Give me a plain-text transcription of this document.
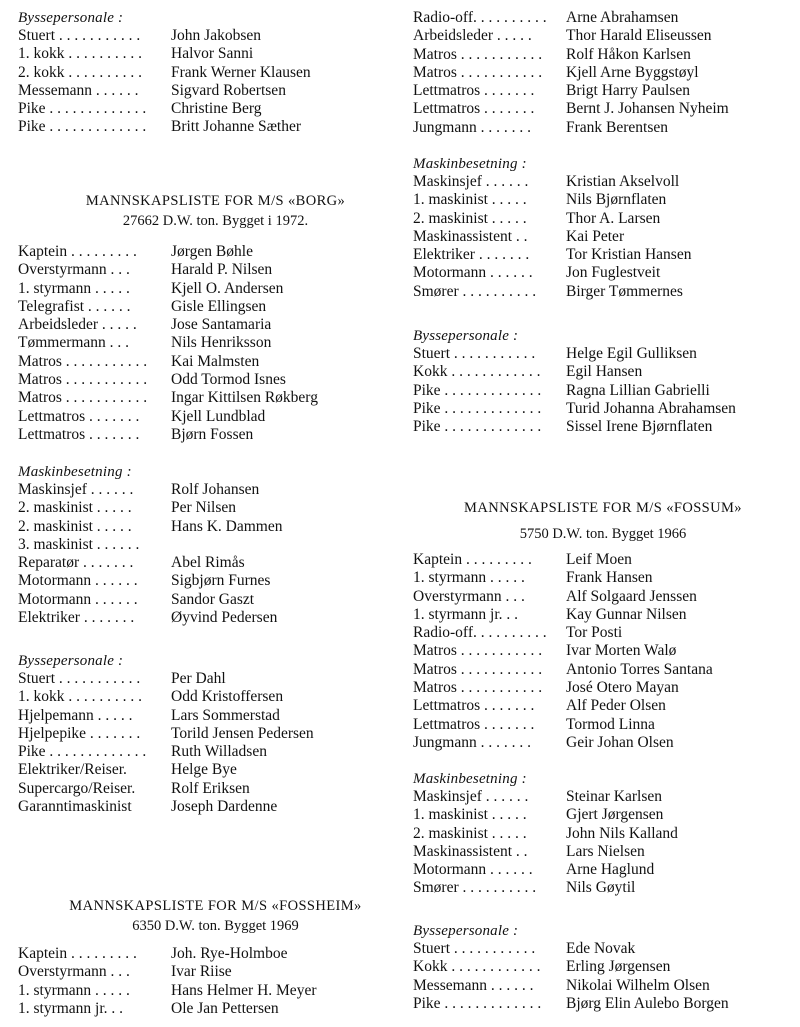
Byssepersonale :

Stuert . . . . . . . . . . .	John Jakobsen
1. kokk . . . . . . . . . .	Halvor Sanni
2. kokk . . . . . . . . . .	Frank Werner Klausen
Messemann . . . . . .	Sigvard Robertsen
Pike . . . . . . . . . . . . .	Christine Berg
Pike . . . . . . . . . . . . .	Britt Johanne Sæther

MANNSKAPSLISTE FOR M/S «BORG»

27662 D.W. ton. Bygget i 1972.

Kaptein . . . . . . . . .	Jørgen Bøhle
Overstyrmann . . .	Harald P. Nilsen
1. styrmann . . . . .	Kjell O. Andersen
Telegrafist . . . . . .	Gisle Ellingsen
Arbeidsleder . . . . .	Jose Santamaria
Tømmermann . . .	Nils Henriksson
Matros . . . . . . . . . . .	Kai Malmsten
Matros . . . . . . . . . . .	Odd Tormod Isnes
Matros . . . . . . . . . . .	Ingar Kittilsen Røkberg
Lettmatros . . . . . . .	Kjell Lundblad
Lettmatros . . . . . . .	Bjørn Fossen

Maskinbesetning :

Maskinsjef . . . . . .	Rolf Johansen
2. maskinist . . . . .	Per Nilsen
2. maskinist . . . . .	Hans K. Dammen
3. maskinist . . . . . .
Reparatør . . . . . . .	Abel Rimås
Motormann . . . . . .	Sigbjørn Furnes
Motormann . . . . . .	Sandor Gaszt
Elektriker . . . . . . .	Øyvind Pedersen

Byssepersonale :

Stuert . . . . . . . . . . .	Per Dahl
1. kokk . . . . . . . . . .	Odd Kristoffersen
Hjelpemann . . . . .	Lars Sommerstad
Hjelpepike . . . . . . .	Torild Jensen Pedersen
Pike . . . . . . . . . . . . .	Ruth Willadsen
Elektriker/Reiser.	Helge Bye
Supercargo/Reiser.	Rolf Eriksen
Garanntimaskinist	Joseph Dardenne

MANNSKAPSLISTE FOR M/S «FOSSHEIM»

6350 D.W. ton. Bygget 1969

Kaptein . . . . . . . . .	Joh. Rye-Holmboe
Overstyrmann . . .	Ivar Riise
1. styrmann . . . . .	Hans Helmer H. Meyer
1. styrmann jr. . .	Ole Jan Pettersen
Radio-off. . . . . . . . . .	Arne Abrahamsen
Arbeidsleder . . . . .	Thor Harald Eliseussen
Matros . . . . . . . . . . .	Rolf Håkon Karlsen
Matros . . . . . . . . . . .	Kjell Arne Byggstøyl
Lettmatros . . . . . . .	Brigt Harry Paulsen
Lettmatros . . . . . . .	Bernt J. Johansen Nyheim
Jungmann . . . . . . .	Frank Berentsen

Maskinbesetning :

Maskinsjef . . . . . .	Kristian Akselvoll
1. maskinist . . . . .	Nils Bjørnflaten
2. maskinist . . . . .	Thor A. Larsen
Maskinassistent . .	Kai Peter
Elektriker . . . . . . .	Tor Kristian Hansen
Motormann . . . . . .	Jon Fuglestveit
Smører . . . . . . . . . .	Birger Tømmernes

Byssepersonale :

Stuert . . . . . . . . . . .	Helge Egil Gulliksen
Kokk . . . . . . . . . . . .	Egil Hansen
Pike . . . . . . . . . . . . .	Ragna Lillian Gabrielli
Pike . . . . . . . . . . . . .	Turid Johanna Abrahamsen
Pike . . . . . . . . . . . . .	Sissel Irene Bjørnflaten

MANNSKAPSLISTE FOR M/S «FOSSUM»

5750 D.W. ton. Bygget 1966

Kaptein . . . . . . . . .	Leif Moen
1. styrmann . . . . .	Frank Hansen
Overstyrmann . . .	Alf Solgaard Jenssen
1. styrmann jr. . .	Kay Gunnar Nilsen
Radio-off. . . . . . . . . .	Tor Posti
Matros . . . . . . . . . . .	Ivar Morten Walø
Matros . . . . . . . . . . .	Antonio Torres Santana
Matros . . . . . . . . . . .	José Otero Mayan
Lettmatros . . . . . . .	Alf Peder Olsen
Lettmatros . . . . . . .	Tormod Linna
Jungmann . . . . . . .	Geir Johan Olsen

Maskinbesetning :

Maskinsjef . . . . . .	Steinar Karlsen
1. maskinist . . . . .	Gjert Jørgensen
2. maskinist . . . . .	John Nils Kalland
Maskinassistent . .	Lars Nielsen
Motormann . . . . . .	Arne Haglund
Smører . . . . . . . . . .	Nils Gøytil

Byssepersonale :

Stuert . . . . . . . . . . .	Ede Novak
Kokk . . . . . . . . . . . .	Erling Jørgensen
Messemann . . . . . .	Nikolai Wilhelm Olsen
Pike . . . . . . . . . . . . .	Bjørg Elin Aulebo Borgen
